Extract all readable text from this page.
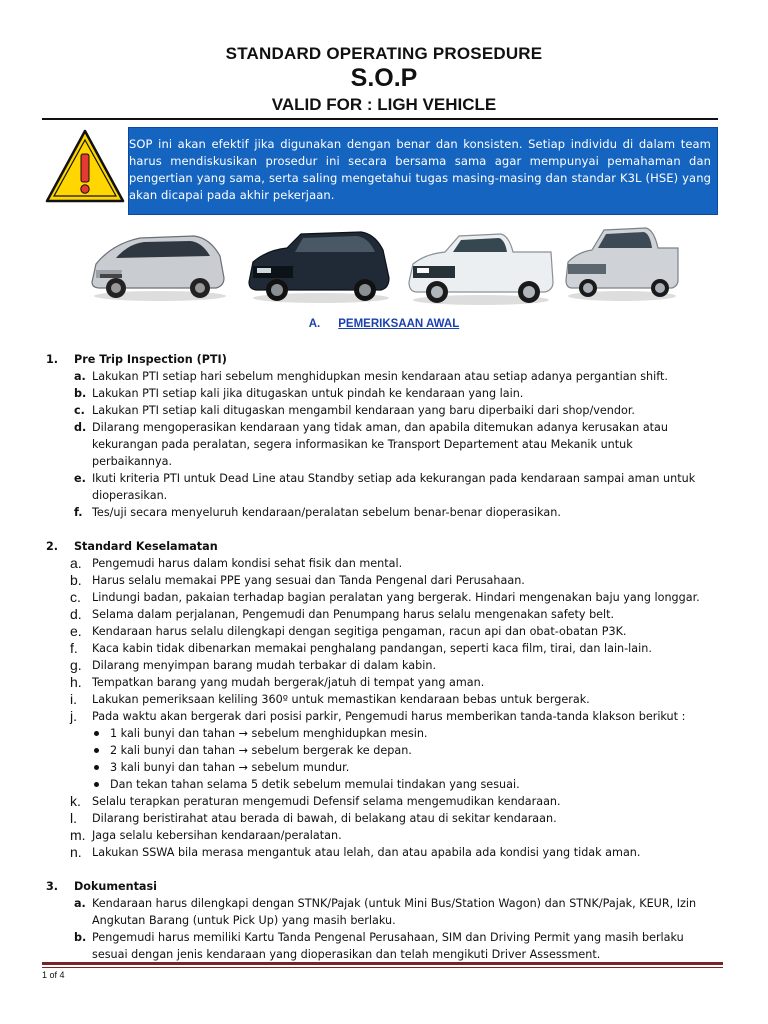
STANDARD OPERATING PROSEDURE
S.O.P
VALID FOR : LIGH VEHICLE
SOP ini akan efektif jika digunakan dengan benar dan konsisten. Setiap individu di dalam team harus mendiskusikan prosedur ini secara bersama sama agar mempunyai pemahaman dan pengertian yang sama, serta saling mengetahui tugas masing-masing dan standar K3L (HSE) yang akan dicapai pada akhir pekerjaan.
A. PEMERIKSAAN AWAL
1. Pre Trip Inspection (PTI)
a. Lakukan PTI setiap hari sebelum menghidupkan mesin kendaraan atau setiap adanya pergantian shift.
b. Lakukan PTI setiap kali jika ditugaskan untuk pindah ke kendaraan yang lain.
c. Lakukan PTI setiap kali ditugaskan mengambil kendaraan yang baru diperbaiki dari shop/vendor.
d. Dilarang mengoperasikan kendaraan yang tidak aman, dan apabila ditemukan adanya kerusakan atau
kekurangan pada peralatan, segera informasikan ke Transport Departement atau Mekanik untuk
perbaikannya.
e. Ikuti kriteria PTI untuk Dead Line atau Standby setiap ada kekurangan pada kendaraan sampai aman untuk
dioperasikan.
f. Tes/uji secara menyeluruh kendaraan/peralatan sebelum benar-benar dioperasikan.
2. Standard Keselamatan
a. Pengemudi harus dalam kondisi sehat fisik dan mental.
b. Harus selalu memakai PPE yang sesuai dan Tanda Pengenal dari Perusahaan.
c. Lindungi badan, pakaian terhadap bagian peralatan yang bergerak. Hindari mengenakan baju yang longgar.
d. Selama dalam perjalanan, Pengemudi dan Penumpang harus selalu mengenakan safety belt.
e. Kendaraan harus selalu dilengkapi dengan segitiga pengaman, racun api dan obat-obatan P3K.
f. Kaca kabin tidak dibenarkan memakai penghalang pandangan, seperti kaca film, tirai, dan lain-lain.
g. Dilarang menyimpan barang mudah terbakar di dalam kabin.
h. Tempatkan barang yang mudah bergerak/jatuh di tempat yang aman.
i. Lakukan pemeriksaan keliling 360º untuk memastikan kendaraan bebas untuk bergerak.
j. Pada waktu akan bergerak dari posisi parkir, Pengemudi harus memberikan tanda-tanda klakson berikut :
1 kali bunyi dan tahan → sebelum menghidupkan mesin.
2 kali bunyi dan tahan → sebelum bergerak ke depan.
3 kali bunyi dan tahan → sebelum mundur.
Dan tekan tahan selama 5 detik sebelum memulai tindakan yang sesuai.
k. Selalu terapkan peraturan mengemudi Defensif selama mengemudikan kendaraan.
l. Dilarang beristirahat atau berada di bawah, di belakang atau di sekitar kendaraan.
m. Jaga selalu kebersihan kendaraan/peralatan.
n. Lakukan SSWA bila merasa mengantuk atau lelah, dan atau apabila ada kondisi yang tidak aman.
3. Dokumentasi
a. Kendaraan harus dilengkapi dengan STNK/Pajak (untuk Mini Bus/Station Wagon) dan STNK/Pajak, KEUR, Izin
Angkutan Barang (untuk Pick Up) yang masih berlaku.
b. Pengemudi harus memiliki Kartu Tanda Pengenal Perusahaan, SIM dan Driving Permit yang masih berlaku
sesuai dengan jenis kendaraan yang dioperasikan dan telah mengikuti Driver Assessment.
1 of 4
